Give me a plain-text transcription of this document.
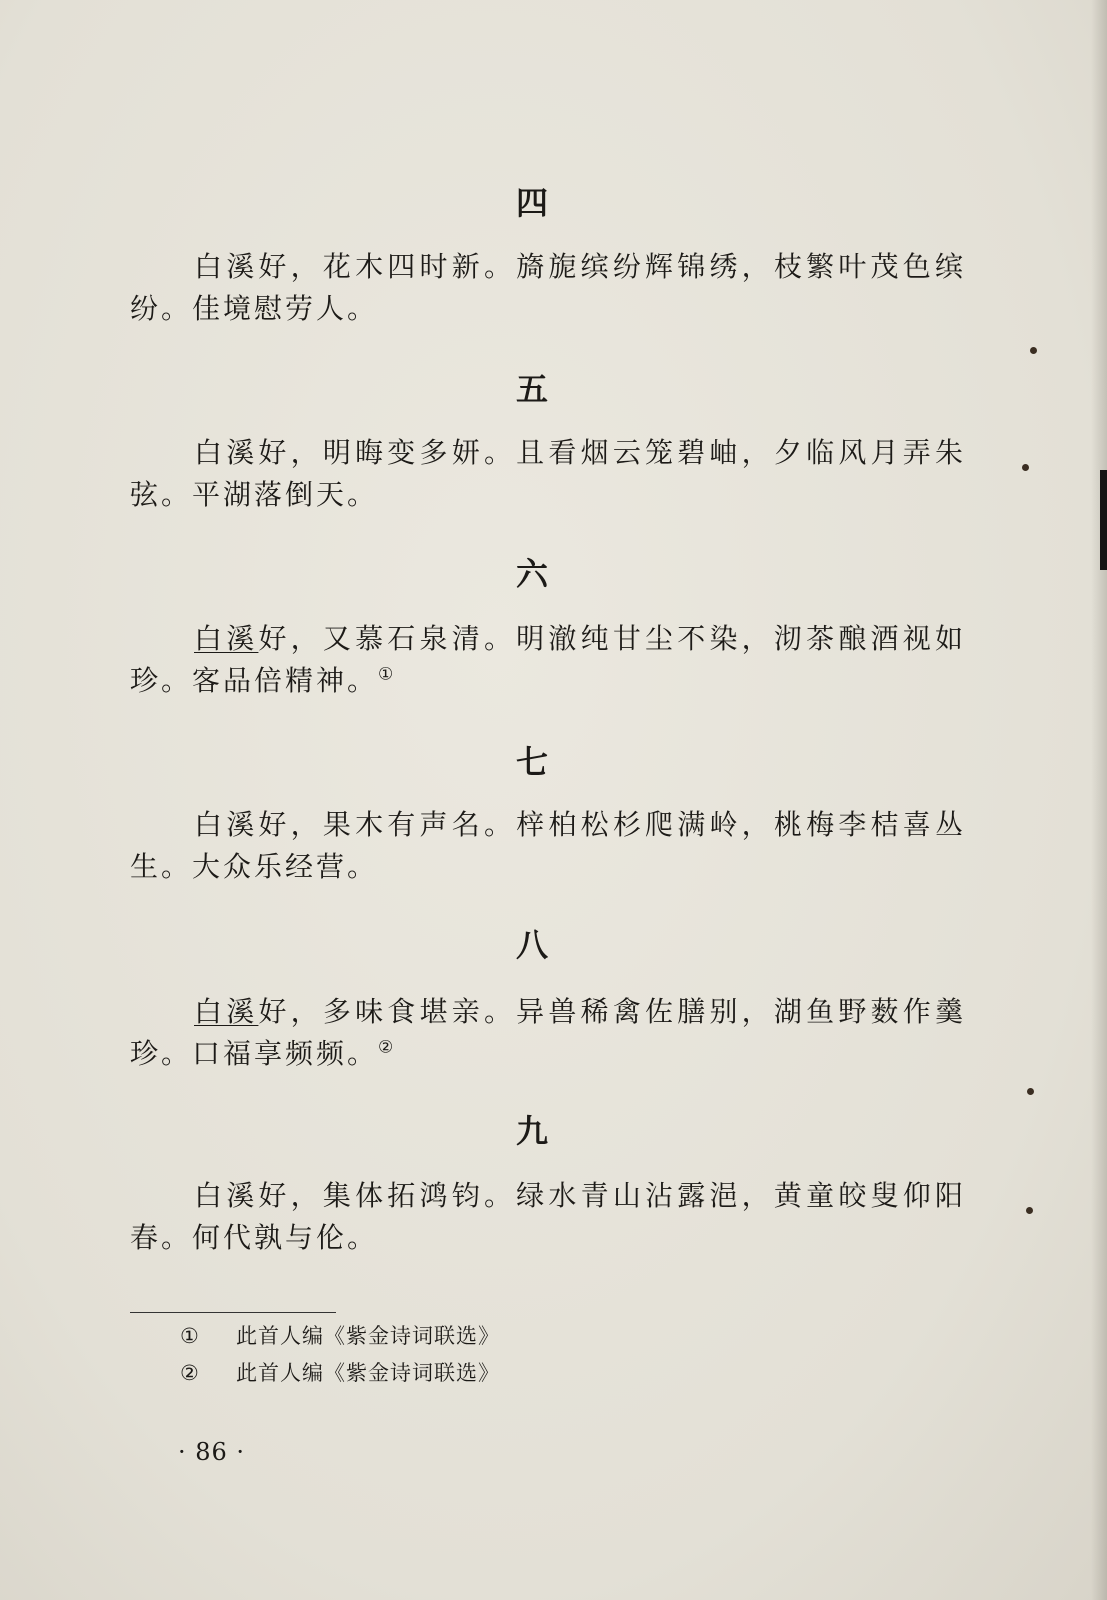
四

白溪好，花木四时新。旖旎缤纷辉锦绣，枝繁叶茂色缤纷。佳境慰劳人。

五

白溪好，明晦变多妍。且看烟云笼碧岫，夕临风月弄朱弦。平湖落倒天。

六

白溪好，又慕石泉清。明澈纯甘尘不染，沏茶酿酒视如珍。客品倍精神。①

七

白溪好，果木有声名。梓柏松杉爬满岭，桃梅李桔喜丛生。大众乐经营。

八

白溪好，多味食堪亲。异兽稀禽佐膳别，湖鱼野薮作羹珍。口福享频频。②

九

白溪好，集体拓鸿钧。绿水青山沾露浥，黄童皎叟仰阳春。何代孰与伦。

① 此首人编《紫金诗词联选》
② 此首人编《紫金诗词联选》
· 86 ·
